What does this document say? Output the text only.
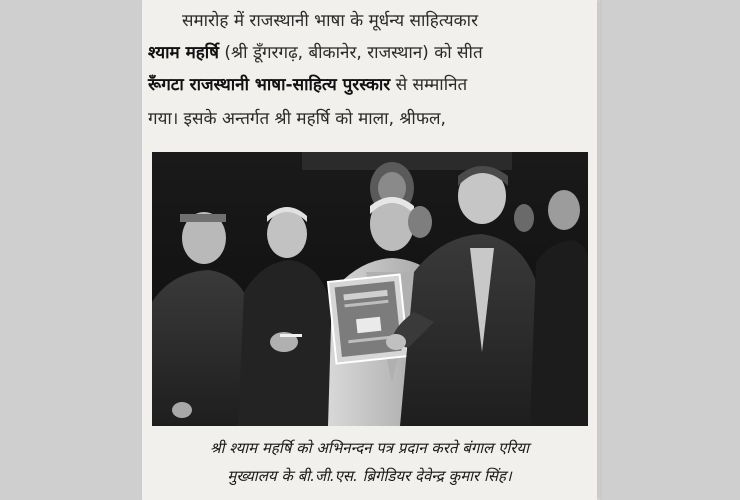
समारोह में राजस्थानी भाषा के मूर्धन्य साहित्यकार
श्याम महर्षि (श्री डूँगरगढ़, बीकानेर, राजस्थान) को सीत
रूँगटा राजस्थानी भाषा-साहित्य पुरस्कार से सम्मानित
गया। इसके अन्तर्गत श्री महर्षि को माला, श्रीफल,
श्री श्याम महर्षि को अभिनन्दन पत्र प्रदान करते बंगाल एरिया
मुख्यालय के बी.जी.एस. ब्रिगेडियर देवेन्द्र कुमार सिंह।
